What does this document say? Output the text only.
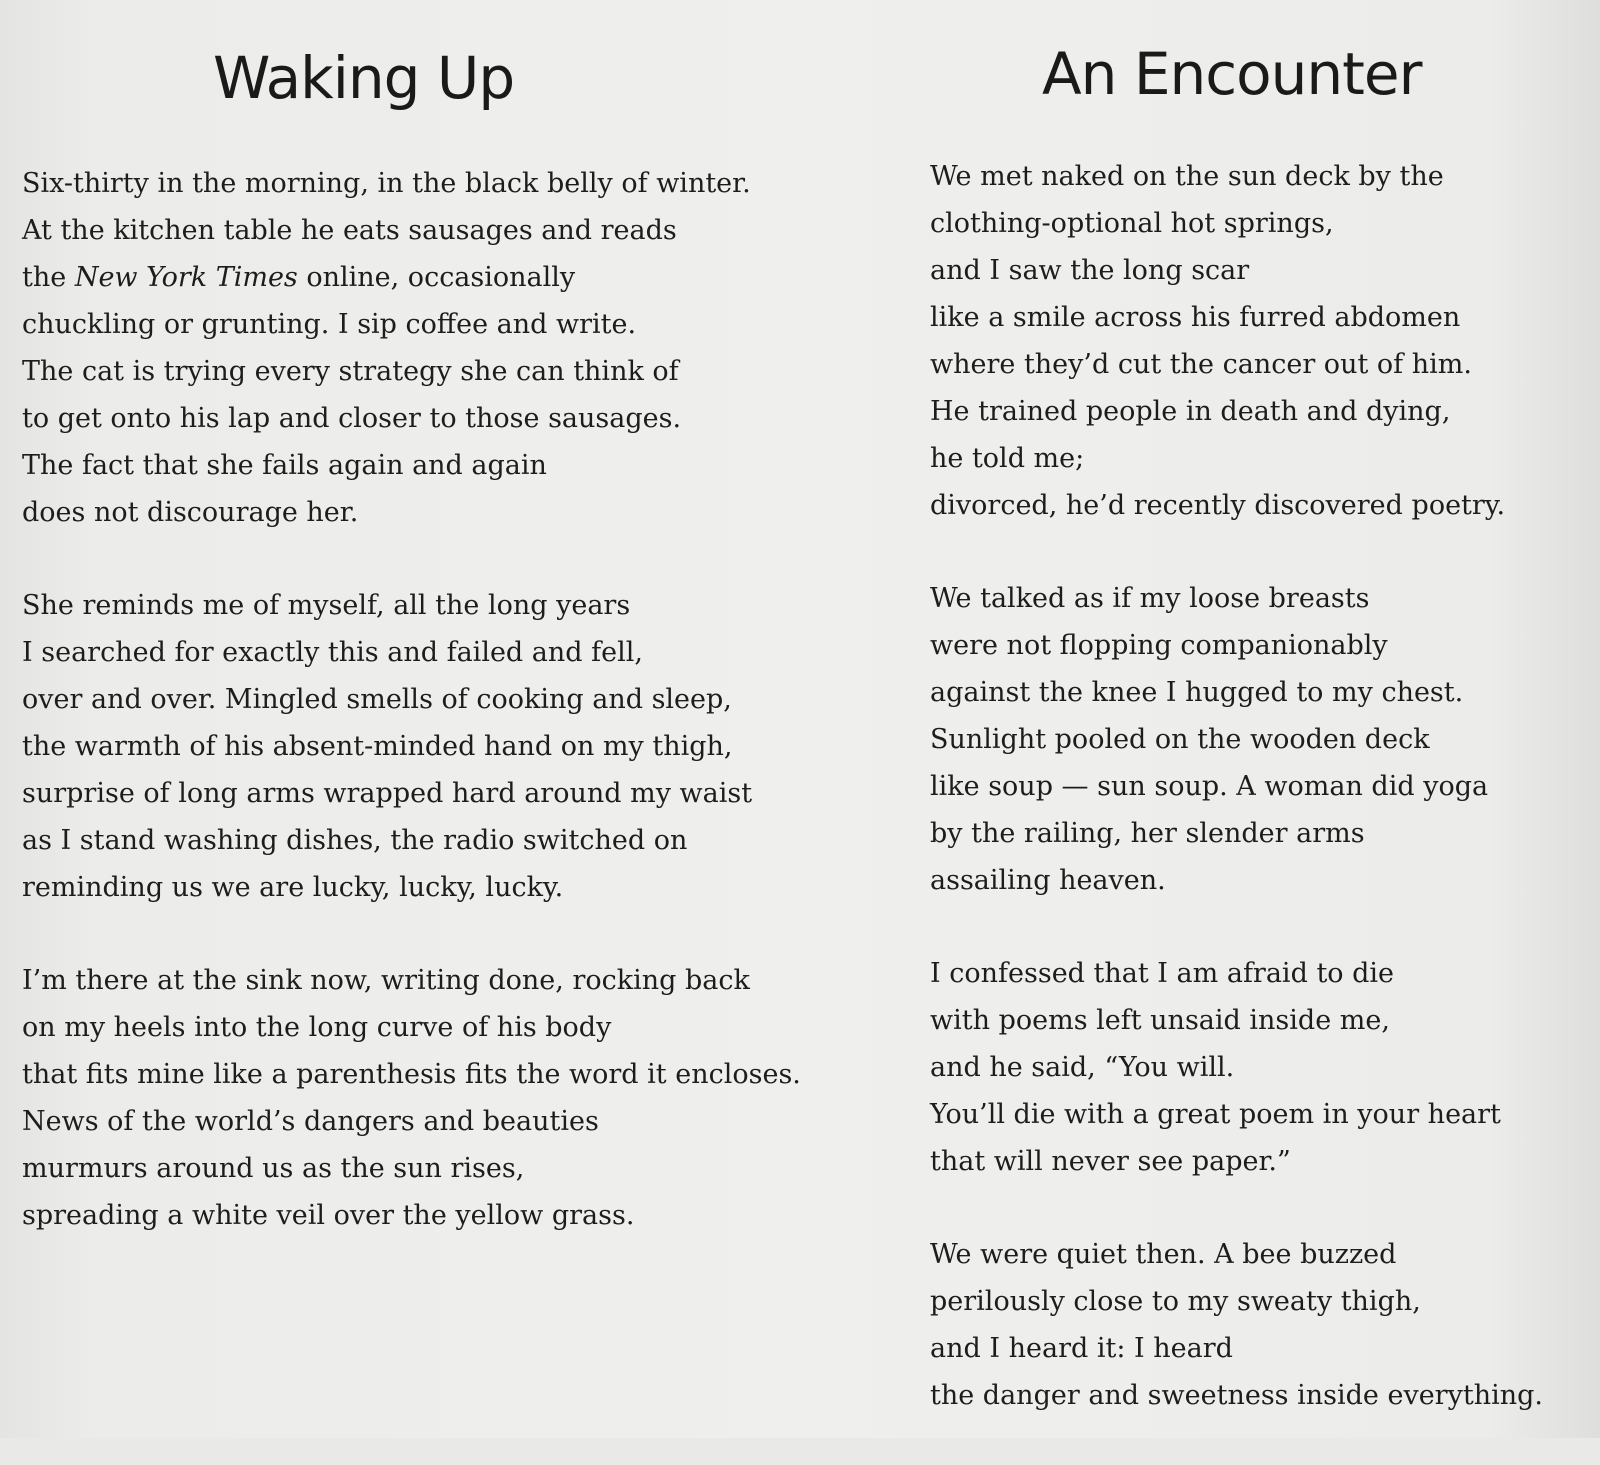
Waking Up
Six-thirty in the morning, in the black belly of winter.
At the kitchen table he eats sausages and reads
the New York Times online, occasionally
chuckling or grunting. I sip coffee and write.
The cat is trying every strategy she can think of
to get onto his lap and closer to those sausages.
The fact that she fails again and again
does not discourage her.
She reminds me of myself, all the long years
I searched for exactly this and failed and fell,
over and over. Mingled smells of cooking and sleep,
the warmth of his absent-minded hand on my thigh,
surprise of long arms wrapped hard around my waist
as I stand washing dishes, the radio switched on
reminding us we are lucky, lucky, lucky.
I’m there at the sink now, writing done, rocking back
on my heels into the long curve of his body
that fits mine like a parenthesis fits the word it encloses.
News of the world’s dangers and beauties
murmurs around us as the sun rises,
spreading a white veil over the yellow grass.
An Encounter
We met naked on the sun deck by the
clothing-optional hot springs,
and I saw the long scar
like a smile across his furred abdomen
where they’d cut the cancer out of him.
He trained people in death and dying,
he told me;
divorced, he’d recently discovered poetry.
We talked as if my loose breasts
were not flopping companionably
against the knee I hugged to my chest.
Sunlight pooled on the wooden deck
like soup — sun soup. A woman did yoga
by the railing, her slender arms
assailing heaven.
I confessed that I am afraid to die
with poems left unsaid inside me,
and he said, “You will.
You’ll die with a great poem in your heart
that will never see paper.”
We were quiet then. A bee buzzed
perilously close to my sweaty thigh,
and I heard it: I heard
the danger and sweetness inside everything.
